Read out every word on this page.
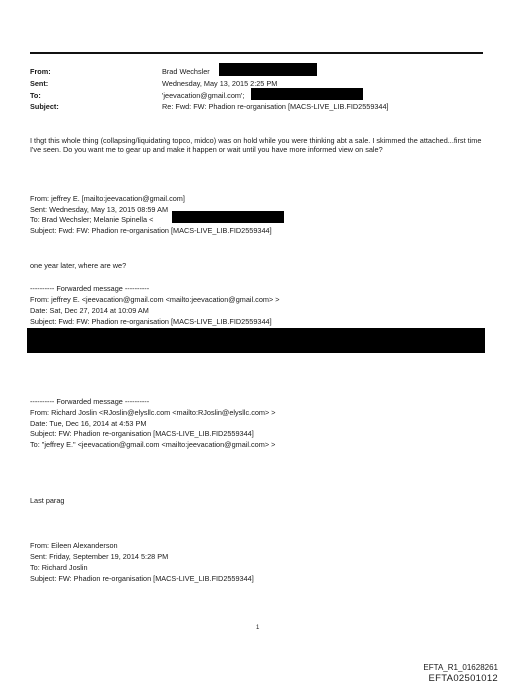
From:	Brad Wechsler
Sent:	Wednesday, May 13, 2015 2:25 PM
To:	'jeevacation@gmail.com';
Subject:	Re: Fwd: FW: Phadion re-organisation [MACS-LIVE_LIB.FID2559344]
I thgt this whole thing (collapsing/liquidating topco, midco) was on hold while you were thinking abt a sale. I skimmed the attached...first time I've seen. Do you want me to gear up and make it happen or wait until you have more informed view on sale?
From: jeffrey E. [mailto:jeevacation@gmail.com]
Sent: Wednesday, May 13, 2015 08:59 AM
To: Brad Wechsler; Melanie Spinella <
Subject: Fwd: FW: Phadion re-organisation [MACS-LIVE_LIB.FID2559344]
one year later, where are we?
---------- Forwarded message ----------
From: jeffrey E. <jeevacation@gmail.com <mailto:jeevacation@gmail.com> >
Date: Sat, Dec 27, 2014 at 10:09 AM
Subject: Fwd: FW: Phadion re-organisation [MACS-LIVE_LIB.FID2559344]
---------- Forwarded message ----------
From: Richard Joslin <RJoslin@elysllc.com <mailto:RJoslin@elysllc.com> >
Date: Tue, Dec 16, 2014 at 4:53 PM
Subject: FW: Phadion re-organisation [MACS-LIVE_LIB.FID2559344]
To: "jeffrey E." <jeevacation@gmail.com <mailto:jeevacation@gmail.com> >
Last parag
From: Eileen Alexanderson
Sent: Friday, September 19, 2014 5:28 PM
To: Richard Joslin
Subject: FW: Phadion re-organisation [MACS-LIVE_LIB.FID2559344]
1
EFTA_R1_01628261
EFTA02501012
